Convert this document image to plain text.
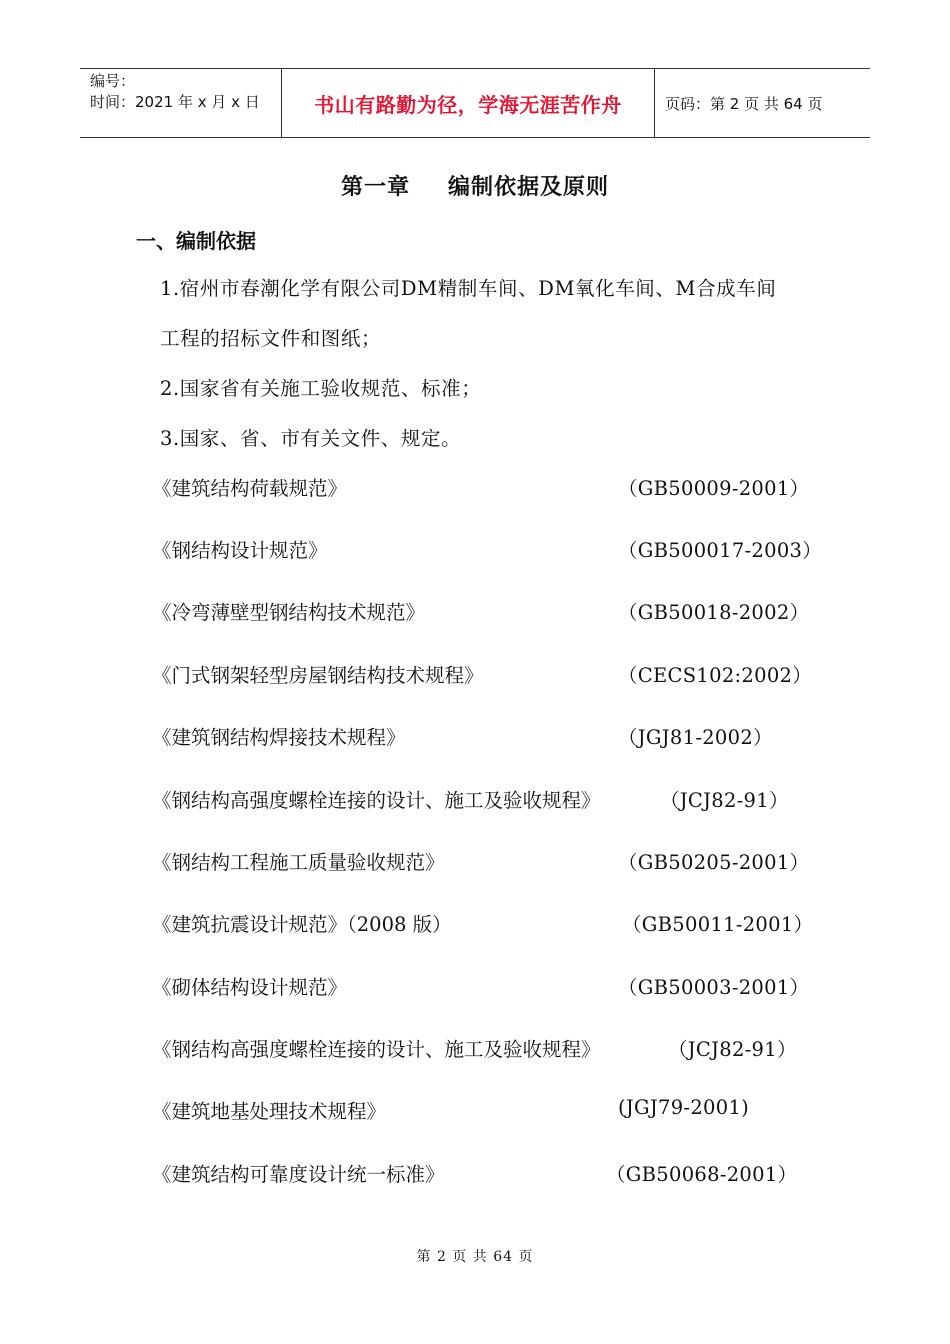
编号：
时间：2021 年 x 月 x 日	书山有路勤为径，学海无涯苦作舟	页码：第 2 页 共 64 页
第一章 编制依据及原则
一、编制依据
1.宿州市春潮化学有限公司DM精制车间、DM氧化车间、M合成车间
工程的招标文件和图纸；
2.国家省有关施工验收规范、标准；
3.国家、省、市有关文件、规定。
《建筑结构荷载规范》	（GB50009-2001）
《钢结构设计规范》	（GB500017-2003）
《冷弯薄壁型钢结构技术规范》	（GB50018-2002）
《门式钢架轻型房屋钢结构技术规程》	（CECS102:2002）
《建筑钢结构焊接技术规程》	（JGJ81-2002）
《钢结构高强度螺栓连接的设计、施工及验收规程》	（JCJ82-91）
《钢结构工程施工质量验收规范》	（GB50205-2001）
《建筑抗震设计规范》（2008 版）	（GB50011-2001）
《砌体结构设计规范》	（GB50003-2001）
《钢结构高强度螺栓连接的设计、施工及验收规程》	（JCJ82-91）
《建筑地基处理技术规程》	(JGJ79-2001)
《建筑结构可靠度设计统一标准》	（GB50068-2001）
第 2 页 共 64 页
